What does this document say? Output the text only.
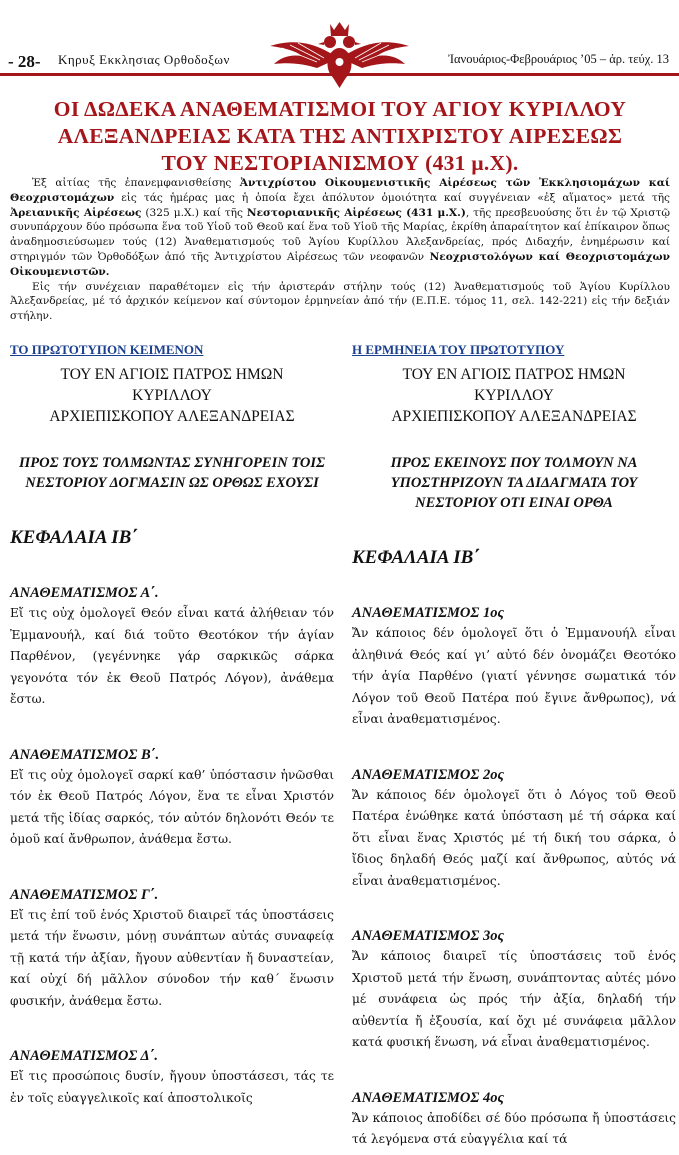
- 28- Κηρυξ Εκκλησιας Ορθοδοξων	Ἰανουάριος-Φεβρουάριος ’05 – ἀρ. τεύχ. 13
ΟΙ ΔΩΔΕΚΑ ΑΝΑΘΕΜΑΤΙΣΜΟΙ ΤΟΥ ΑΓΙΟΥ ΚΥΡΙΛΛΟΥ
ΑΛΕΞΑΝΔΡΕΙΑΣ ΚΑΤΑ ΤΗΣ ΑΝΤΙΧΡΙΣΤΟΥ ΑΙΡΕΣΕΩΣ
ΤΟΥ ΝΕΣΤΟΡΙΑΝΙΣΜΟΥ (431 μ.Χ).

Ἐξ αἰτίας τῆς ἐπανεμφανισθείσης Ἀντιχρίστου Οἰκουμενιστικῆς Αἱρέσεως τῶν Ἐκκλησιομάχων καί Θεοχριστομάχων εἰς τάς ἡμέρας μας ἡ ὁποία ἔχει ἀπόλυτον ὁμοιότητα καί συγγένειαν «ἐξ αἵματος» μετά τῆς Ἀρειανικῆς Αἱρέσεως (325 μ.Χ.) καί τῆς Νεστοριανικῆς Αἱρέσεως (431 μ.Χ.), τῆς πρεσβευούσης ὅτι ἐν τῷ Χριστῷ συνυπάρχουν δύο πρόσωπα ἕνα τοῦ Υἱοῦ τοῦ Θεοῦ καί ἕνα τοῦ Υἱοῦ τῆς Μαρίας, ἐκρίθη ἀπαραίτητον καί ἐπίκαιρον ὅπως ἀναδημοσιεύσωμεν τούς (12) Ἀναθεματισμούς τοῦ Ἁγίου Κυρίλλου Ἀλεξανδρείας, πρός Διδαχήν, ἐνημέρωσιν καί στηριγμόν τῶν Ὀρθοδόξων ἀπό τῆς Ἀντιχρίστου Αἱρέσεως τῶν νεοφανῶν Νεοχριστολόγων καί Θεοχριστομάχων Οἰκουμενιστῶν.

Εἰς τήν συνέχειαν παραθέτομεν εἰς τήν ἀριστεράν στήλην τούς (12) Ἀναθεματισμούς τοῦ Ἁγίου Κυρίλλου Ἀλεξανδρείας, μέ τό ἀρχικόν κείμενον καί σύντομον ἑρμηνείαν ἀπό τήν (Ε.Π.Ε. τόμος 11, σελ. 142-221) εἰς τήν δεξιάν στήλην.

ΤΟ ΠΡΩΤΟΤΥΠΟΝ ΚΕΙΜΕΝΟΝ
ΤΟΥ ΕΝ ΑΓΙΟΙΣ ΠΑΤΡΟΣ ΗΜΩΝ
ΚΥΡΙΛΛΟΥ
ΑΡΧΙΕΠΙΣΚΟΠΟΥ ΑΛΕΞΑΝΔΡΕΙΑΣ
ΠΡΟΣ ΤΟΥΣ ΤΟΛΜΩΝΤΑΣ ΣΥΝΗΓΟΡΕΙΝ ΤΟΙΣ ΝΕΣΤΟΡΙΟΥ ΔΟΓΜΑΣΙΝ ΩΣ ΟΡΘΩΣ ΕΧΟΥΣΙ
ΚΕΦΑΛΑΙΑ ΙΒ΄
ΑΝΑΘΕΜΑΤΙΣΜΟΣ Α΄.
Εἴ τις οὐχ ὁμολογεῖ Θεόν εἶναι κατά ἀλήθειαν τόν Ἐμμανουήλ, καί διά τοῦτο Θεοτόκον τήν ἁγίαν Παρθένον, (γεγέννηκε γάρ σαρκικῶς σάρκα γεγονότα τόν ἐκ Θεοῦ Πατρός Λόγον), ἀνάθεμα ἔστω.
ΑΝΑΘΕΜΑΤΙΣΜΟΣ Β΄.
Εἴ τις οὐχ ὁμολογεῖ σαρκί καθ’ ὑπόστασιν ἡνῶσθαι τόν ἐκ Θεοῦ Πατρός Λόγον, ἕνα τε εἶναι Χριστόν μετά τῆς ἰδίας σαρκός, τόν αὐτόν δηλονότι Θεόν τε ὁμοῦ καί ἄνθρωπον, ἀνάθεμα ἔστω.
ΑΝΑΘΕΜΑΤΙΣΜΟΣ Γ΄.
Εἴ τις ἐπί τοῦ ἑνός Χριστοῦ διαιρεῖ τάς ὑποστάσεις μετά τήν ἕνωσιν, μόνῃ συνάπτων αὐτάς συναφείᾳ τῇ κατά τήν ἀξίαν, ἤγουν αὐθεντίαν ἤ δυναστείαν, καί οὐχί δή μᾶλλον σύνοδον τήν καθ΄ ἕνωσιν φυσικήν, ἀνάθεμα ἔστω.
ΑΝΑΘΕΜΑΤΙΣΜΟΣ Δ΄.
Εἴ τις προσώποις δυσίν, ἤγουν ὑποστάσεσι, τάς τε ἐν τοῖς εὐαγγελικοῖς καί ἀποστολικοῖς
Η ΕΡΜΗΝΕΙΑ ΤΟΥ ΠΡΩΤΟΤΥΠΟΥ
ΤΟΥ ΕΝ ΑΓΙΟΙΣ ΠΑΤΡΟΣ ΗΜΩΝ
ΚΥΡΙΛΛΟΥ
ΑΡΧΙΕΠΙΣΚΟΠΟΥ ΑΛΕΞΑΝΔΡΕΙΑΣ
ΠΡΟΣ ΕΚΕΙΝΟΥΣ ΠΟΥ ΤΟΛΜΟΥΝ ΝΑ ΥΠΟΣΤΗΡΙΖΟΥΝ ΤΑ ΔΙΔΑΓΜΑΤΑ ΤΟΥ ΝΕΣΤΟΡΙΟΥ ΟΤΙ ΕΙΝΑΙ ΟΡΘΑ
ΚΕΦΑΛΑΙΑ ΙΒ΄
ΑΝΑΘΕΜΑΤΙΣΜΟΣ 1ος
Ἄν κάποιος δέν ὁμολογεῖ ὅτι ὁ Ἐμμανουήλ εἶναι ἀληθινά Θεός καί γι’ αὐτό δέν ὀνομάζει Θεοτόκο τήν ἁγία Παρθένο (γιατί γέννησε σωματικά τόν Λόγον τοῦ Θεοῦ Πατέρα πού ἔγινε ἄνθρωπος), νά εἶναι ἀναθεματισμένος.
ΑΝΑΘΕΜΑΤΙΣΜΟΣ 2ος
Ἄν κάποιος δέν ὁμολογεῖ ὅτι ὁ Λόγος τοῦ Θεοῦ Πατέρα ἑνώθηκε κατά ὑπόσταση μέ τή σάρκα καί ὅτι εἶναι ἕνας Χριστός μέ τή δική του σάρκα, ὁ ἴδιος δηλαδή Θεός μαζί καί ἄνθρωπος, αὐτός νά εἶναι ἀναθεματισμένος.
ΑΝΑΘΕΜΑΤΙΣΜΟΣ 3ος
Ἄν κάποιος διαιρεῖ τίς ὑποστάσεις τοῦ ἑνός Χριστοῦ μετά τήν ἕνωση, συνάπτοντας αὐτές μόνο μέ συνάφεια ὡς πρός τήν ἀξία, δηλαδή τήν αὐθεντία ἤ ἐξουσία, καί ὄχι μέ συνάφεια μᾶλλον κατά φυσική ἕνωση, νά εἶναι ἀναθεματισμένος.
ΑΝΑΘΕΜΑΤΙΣΜΟΣ 4ος
Ἄν κάποιος ἀποδίδει σέ δύο πρόσωπα ἤ ὑποστάσεις τά λεγόμενα στά εὐαγγέλια καί τά
